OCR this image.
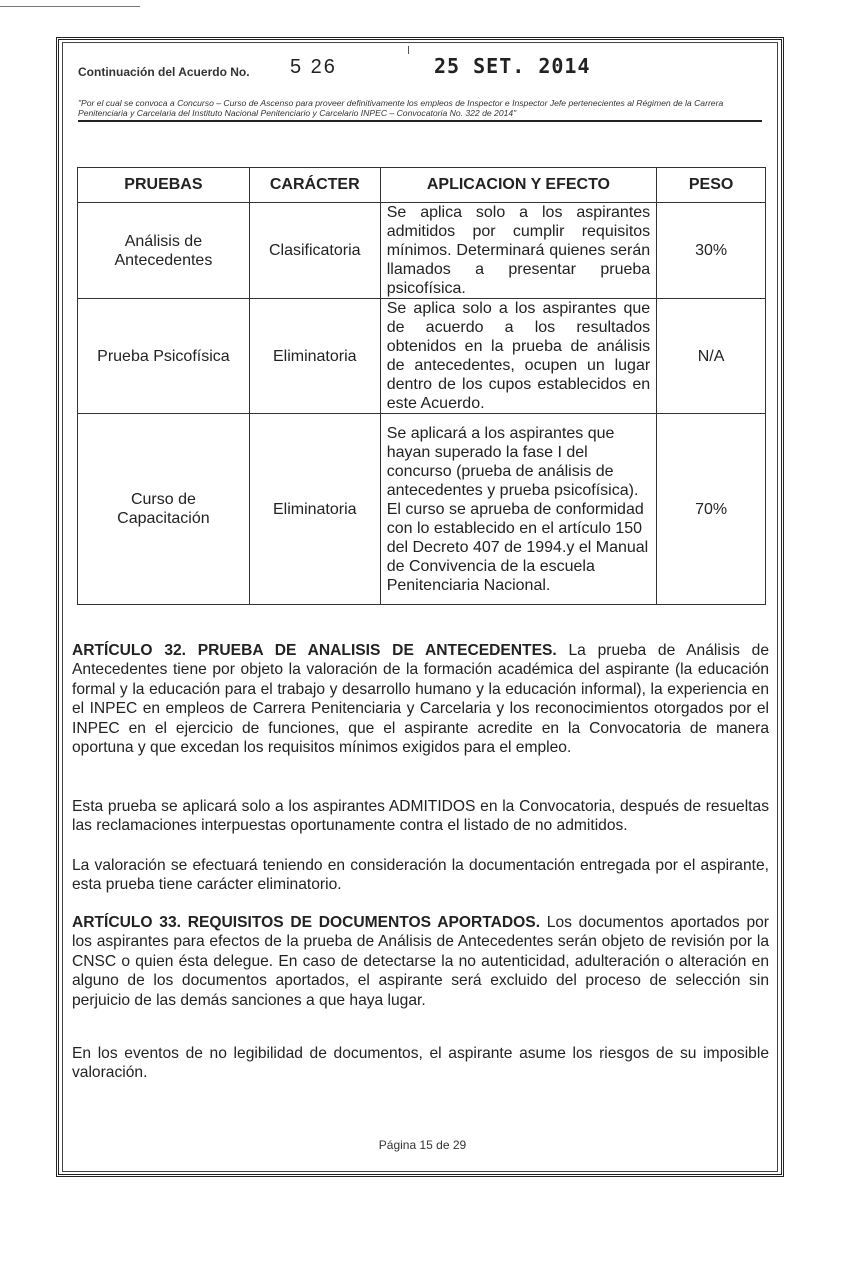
Continuación del Acuerdo No. 5 26	25 SET. 2014
"Por el cual se convoca a Concurso – Curso de Ascenso para proveer definitivamente los empleos de Inspector e Inspector Jefe pertenecientes al Régimen de la Carrera Penitenciaria y Carcelaria del Instituto Nacional Penitenciario y Carcelario INPEC – Convocatoria No. 322 de 2014"
PRUEBAS	CARÁCTER	APLICACION Y EFECTO	PESO

Análisis de Antecedentes	Clasificatoria	Se aplica solo a los aspirantes admitidos por cumplir requisitos mínimos. Determinará quienes serán llamados a presentar prueba psicofísica.	30%
Prueba Psicofísica	Eliminatoria	Se aplica solo a los aspirantes que de acuerdo a los resultados obtenidos en la prueba de análisis de antecedentes, ocupen un lugar dentro de los cupos establecidos en este Acuerdo.	N/A

Curso de Capacitación	Eliminatoria	Se aplicará a los aspirantes que hayan superado la fase I del concurso (prueba de análisis de antecedentes y prueba psicofísica). El curso se aprueba de conformidad con lo establecido en el artículo 150 del Decreto 407 de 1994.y el Manual de Convivencia de la escuela Penitenciaria Nacional.	70%
ARTÍCULO 32. PRUEBA DE ANALISIS DE ANTECEDENTES. La prueba de Análisis de Antecedentes tiene por objeto la valoración de la formación académica del aspirante (la educación formal y la educación para el trabajo y desarrollo humano y la educación informal), la experiencia en el INPEC en empleos de Carrera Penitenciaria y Carcelaria y los reconocimientos otorgados por el INPEC en el ejercicio de funciones, que el aspirante acredite en la Convocatoria de manera oportuna y que excedan los requisitos mínimos exigidos para el empleo.
Esta prueba se aplicará solo a los aspirantes ADMITIDOS en la Convocatoria, después de resueltas las reclamaciones interpuestas oportunamente contra el listado de no admitidos.
La valoración se efectuará teniendo en consideración la documentación entregada por el aspirante, esta prueba tiene carácter eliminatorio.
ARTÍCULO 33. REQUISITOS DE DOCUMENTOS APORTADOS. Los documentos aportados por los aspirantes para efectos de la prueba de Análisis de Antecedentes serán objeto de revisión por la CNSC o quien ésta delegue. En caso de detectarse la no autenticidad, adulteración o alteración en alguno de los documentos aportados, el aspirante será excluido del proceso de selección sin perjuicio de las demás sanciones a que haya lugar.
En los eventos de no legibilidad de documentos, el aspirante asume los riesgos de su imposible valoración.
Página 15 de 29
